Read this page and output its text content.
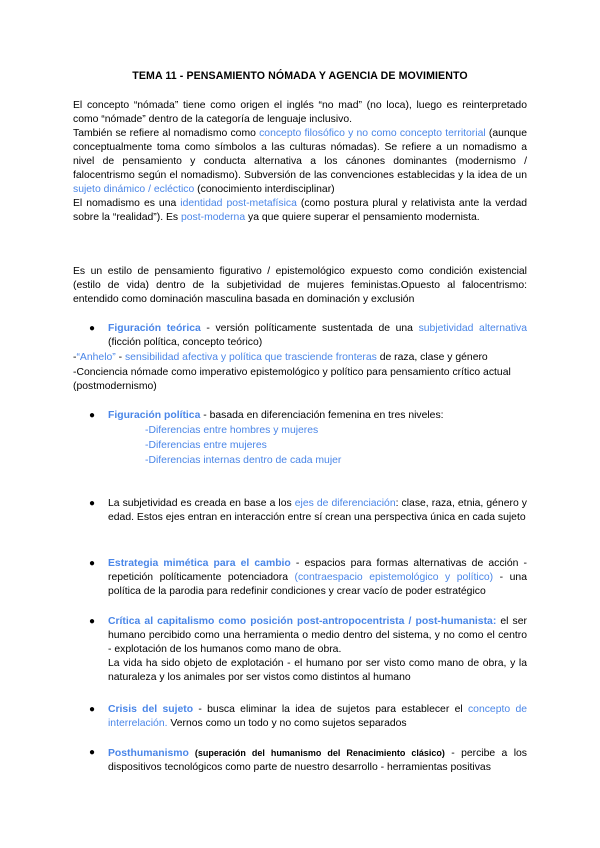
TEMA 11 - PENSAMIENTO NÓMADA Y AGENCIA DE MOVIMIENTO

El concepto “nómada” tiene como origen el inglés “no mad” (no loca), luego es reinterpretado como “nómade” dentro de la categoría de lenguaje inclusivo.

También se refiere al nomadismo como concepto filosófico y no como concepto territorial (aunque conceptualmente toma como símbolos a las culturas nómadas). Se refiere a un nomadismo a nivel de pensamiento y conducta alternativa a los cánones dominantes (modernismo / falocentrismo según el nomadismo). Subversión de las convenciones establecidas y la idea de un sujeto dinámico / ecléctico (conocimiento interdisciplinar)

El nomadismo es una identidad post-metafísica (como postura plural y relativista ante la verdad sobre la “realidad”). Es post-moderna ya que quiere superar el pensamiento modernista.

Es un estilo de pensamiento figurativo / epistemológico expuesto como condición existencial (estilo de vida) dentro de la subjetividad de mujeres feministas.Opuesto al falocentrismo: entendido como dominación masculina basada en dominación y exclusión
● Figuración teórica - versión políticamente sustentada de una subjetividad alternativa (ficción política, concepto teórico)
-“Anhelo” - sensibilidad afectiva y política que trasciende fronteras de raza, clase y género
-Conciencia nómade como imperativo epistemológico y político para pensamiento crítico actual (postmodernismo)
● Figuración política - basada en diferenciación femenina en tres niveles:
-Diferencias entre hombres y mujeres
-Diferencias entre mujeres
-Diferencias internas dentro de cada mujer
● La subjetividad es creada en base a los ejes de diferenciación: clase, raza, etnia, género y edad. Estos ejes entran en interacción entre sí crean una perspectiva única en cada sujeto
● Estrategia mimética para el cambio - espacios para formas alternativas de acción - repetición políticamente potenciadora (contraespacio epistemológico y político) - una política de la parodia para redefinir condiciones y crear vacío de poder estratégico
● Crítica al capitalismo como posición post-antropocentrista / post-humanista: el ser humano percibido como una herramienta o medio dentro del sistema, y no como el centro - explotación de los humanos como mano de obra.
La vida ha sido objeto de explotación - el humano por ser visto como mano de obra, y la naturaleza y los animales por ser vistos como distintos al humano
● Crisis del sujeto - busca eliminar la idea de sujetos para establecer el concepto de interrelación. Vernos como un todo y no como sujetos separados
● Posthumanismo (superación del humanismo del Renacimiento clásico) - percibe a los dispositivos tecnológicos como parte de nuestro desarrollo - herramientas positivas
